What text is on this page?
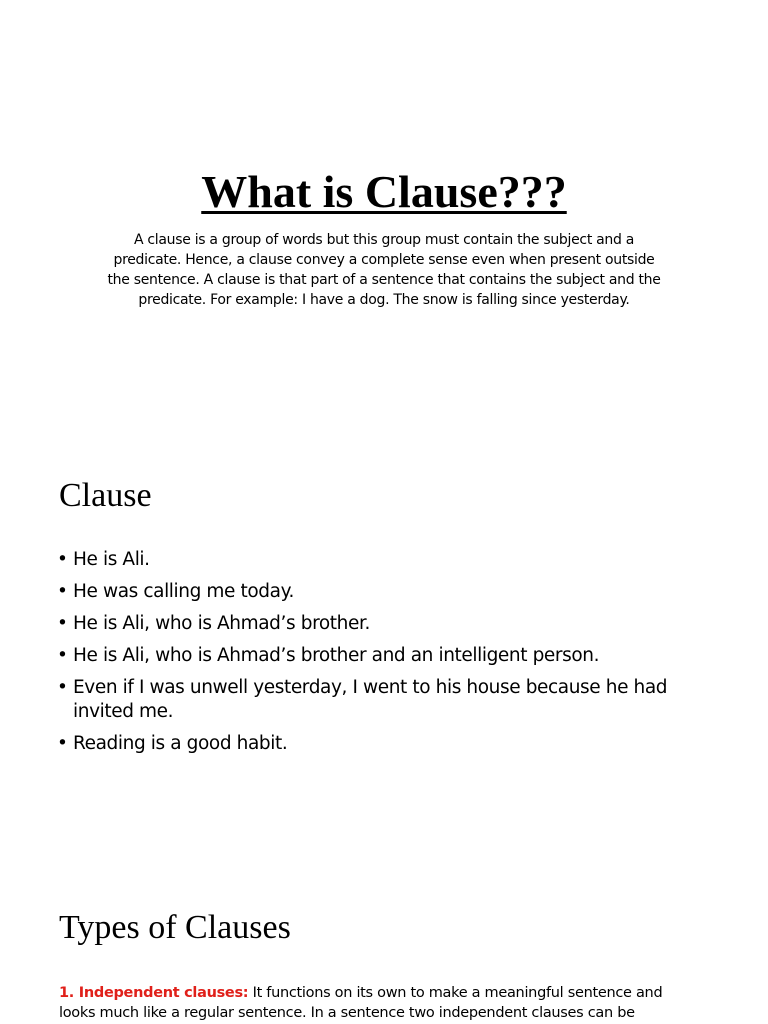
What is Clause???

A clause is a group of words but this group must contain the subject and a predicate. Hence, a clause convey a complete sense even when present outside the sentence. A clause is that part of a sentence that contains the subject and the predicate. For example: I have a dog. The snow is falling since yesterday.

Clause
• He is Ali.
• He was calling me today.
• He is Ali, who is Ahmad’s brother.
• He is Ali, who is Ahmad’s brother and an intelligent person.
• Even if I was unwell yesterday, I went to his house because he had invited me.
• Reading is a good habit.
Types of Clauses

1. Independent clauses: It functions on its own to make a meaningful sentence and looks much like a regular sentence. In a sentence two independent clauses can be
